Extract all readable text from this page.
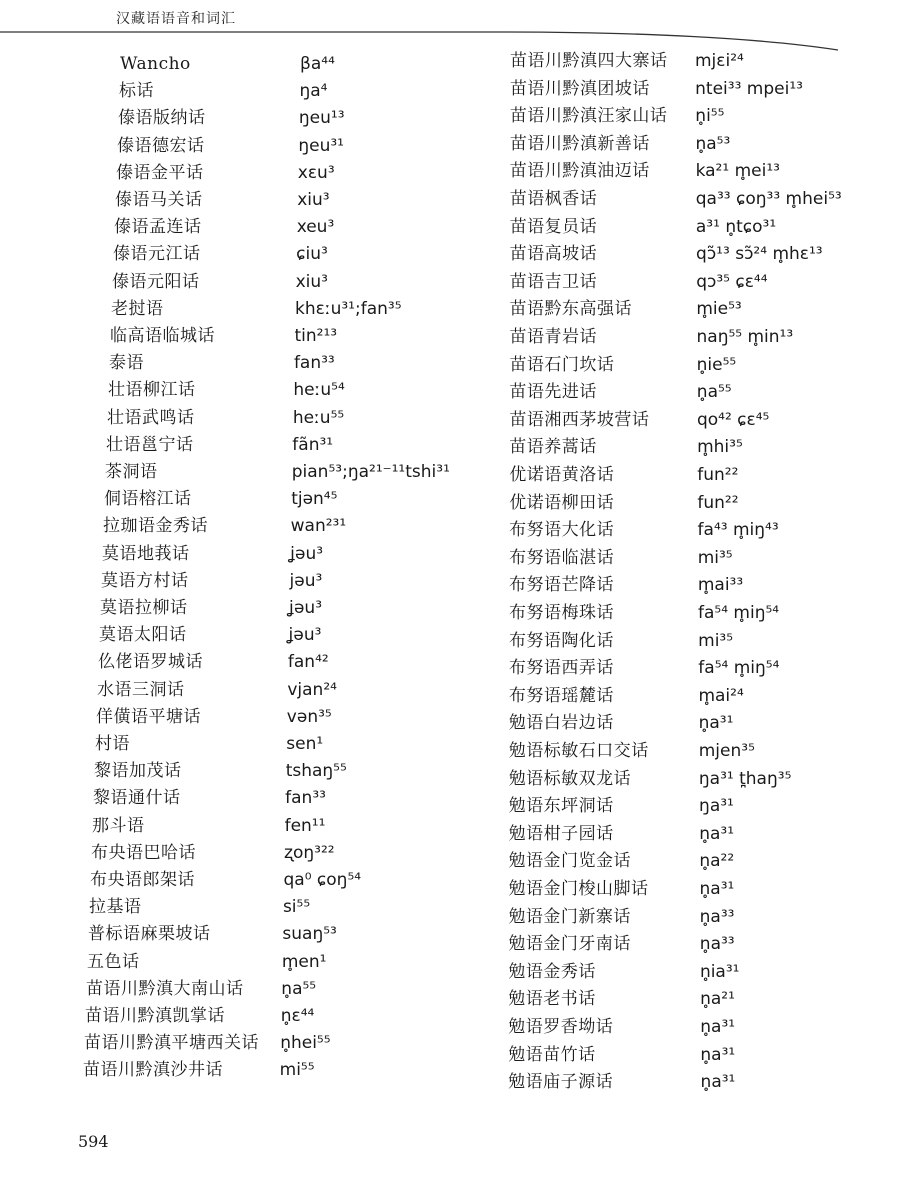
汉藏语语音和词汇
Wancho	βa⁴⁴
标话	ŋa⁴
傣语版纳话	ŋeu¹³
傣语德宏话	ŋeu³¹
傣语金平话	xɛu³
傣语马关话	xiu³
傣语孟连话	xeu³
傣语元江话	ɕiu³
傣语元阳话	xiu³
老挝语	khɛːu³¹;fan³⁵
临高语临城话	tin²¹³
泰语	fan³³
壮语柳江话	heːu⁵⁴
壮语武鸣话	heːu⁵⁵
壮语邕宁话	fãn³¹
茶洞语	pian⁵³;ŋa²¹⁻¹¹tshi³¹
侗语榕江话	tjən⁴⁵
拉珈语金秀话	wan²³¹
莫语地莪话	ʝəu³
莫语方村话	jəu³
莫语拉柳话	ʝəu³
莫语太阳话	ʝəu³
仫佬语罗城话	fan⁴²
水语三洞话	vjan²⁴
佯僙语平塘话	vən³⁵
村语	sen¹
黎语加茂话	tshaŋ⁵⁵
黎语通什话	fan³³
那斗语	fen¹¹
布央语巴哈话	ʐoŋ³²²
布央语郎架话	qa⁰ ɕoŋ⁵⁴
拉基语	si⁵⁵
普标语麻栗坡话	suaŋ⁵³
五色话	m̥en¹
苗语川黔滇大南山话 n̥a⁵⁵
苗语川黔滇凯掌话	n̥ɛ⁴⁴
苗语川黔滇平塘西关话 n̥hei⁵⁵
苗语川黔滇沙井话	mi⁵⁵
苗语川黔滇四大寨话 mjɛi²⁴
苗语川黔滇团坡话	ntei³³ mpei¹³
苗语川黔滇汪家山话 n̥i⁵⁵
苗语川黔滇新善话	n̥a⁵³
苗语川黔滇油迈话	ka²¹ m̥ei¹³
苗语枫香话	qa³³ ɕoŋ³³ m̥hei⁵³
苗语复员话	a³¹ n̥tɕo³¹
苗语高坡话	qɔ̃¹³ sɔ̃²⁴ m̥hɛ¹³
苗语吉卫话	qɔ³⁵ ɕɛ⁴⁴
苗语黔东高强话	m̥ie⁵³
苗语青岩话	naŋ⁵⁵ m̥in¹³
苗语石门坎话	n̥ie⁵⁵
苗语先进话	n̥a⁵⁵
苗语湘西茅坡营话	qo⁴² ɕɛ⁴⁵
苗语养蒿话	m̥hi³⁵
优诺语黄洛话	fun²²
优诺语柳田话	fun²²
布努语大化话	fa⁴³ m̥iŋ⁴³
布努语临湛话	mi³⁵
布努语芒降话	m̥ai³³
布努语梅珠话	fa⁵⁴ m̥iŋ⁵⁴
布努语陶化话	mi³⁵
布努语西弄话	fa⁵⁴ m̥iŋ⁵⁴
布努语瑶麓话	m̥ai²⁴
勉语白岩边话	n̥a³¹
勉语标敏石口交话	mjen³⁵
勉语标敏双龙话	ŋa³¹ t̪haŋ³⁵
勉语东坪洞话	ŋa³¹
勉语柑子园话	n̥a³¹
勉语金门览金话	n̥a²²
勉语金门梭山脚话	n̥a³¹
勉语金门新寨话	n̥a³³
勉语金门牙南话	n̥a³³
勉语金秀话	n̥ia³¹
勉语老书话	n̥a²¹
勉语罗香坳话	n̥a³¹
勉语苗竹话	n̥a³¹
勉语庙子源话	n̥a³¹
594
